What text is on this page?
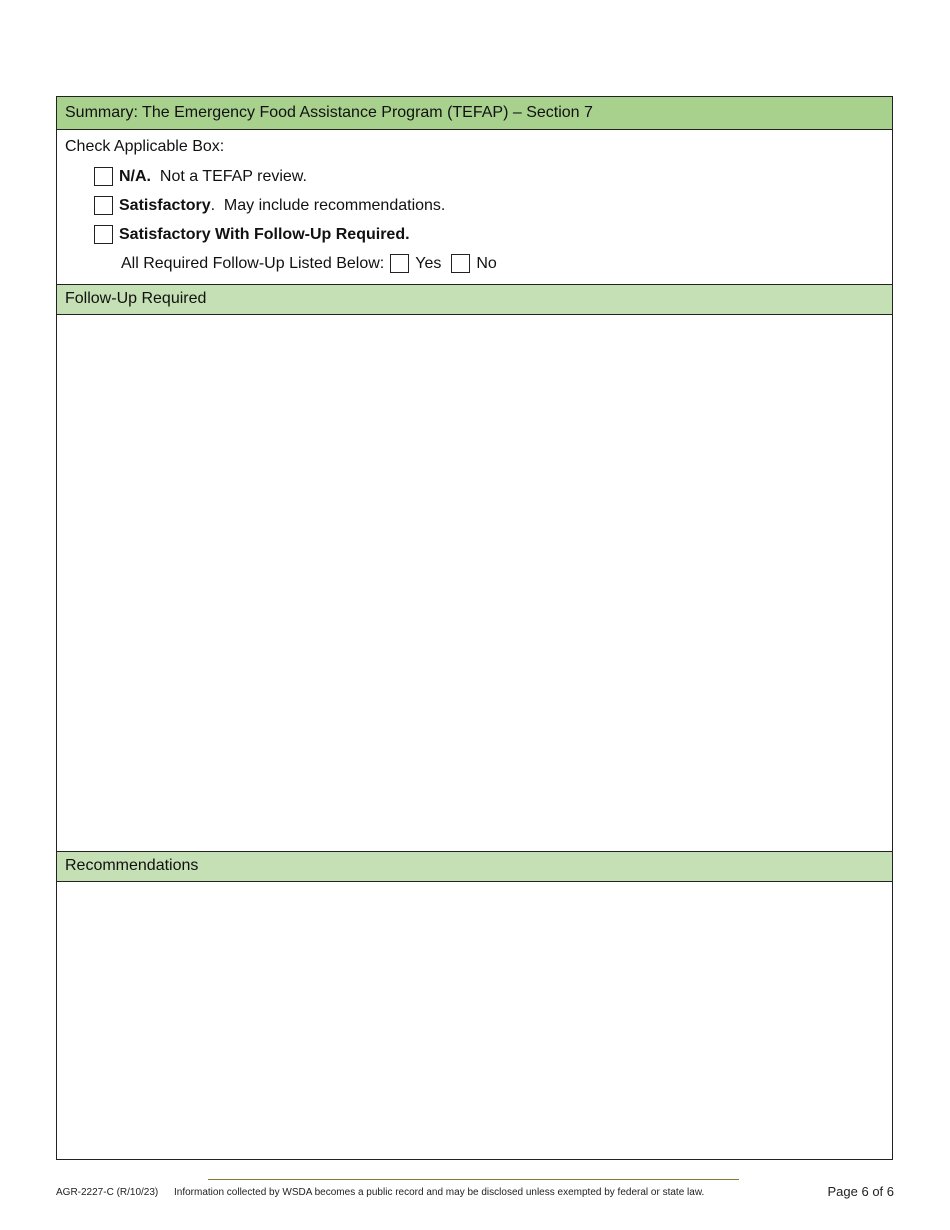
Summary: The Emergency Food Assistance Program (TEFAP) – Section 7
Check Applicable Box:
N/A. Not a TEFAP review.
Satisfactory .  May include recommendations.
Satisfactory With Follow-Up Required.
All Required Follow-Up Listed Below: Yes No
Follow-Up Required
Recommendations
AGR-2227-C (R/10/23) Information collected by WSDA becomes a public record and may be disclosed unless exempted by federal or state law.	Page 6 of 6
